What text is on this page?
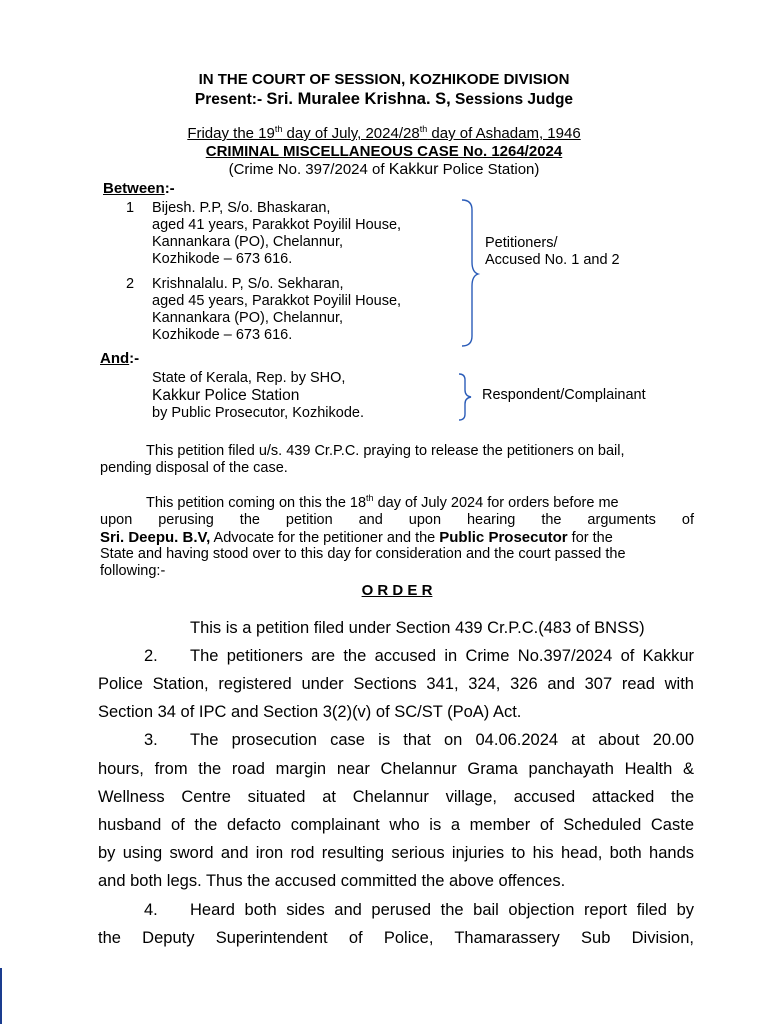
IN THE COURT OF SESSION, KOZHIKODE DIVISION
Present:- Sri. Muralee Krishna. S, Sessions Judge
Friday the 19th day of July, 2024/28th day of Ashadam, 1946
CRIMINAL MISCELLANEOUS CASE No. 1264/2024
(Crime No. 397/2024 of Kakkur Police Station)
Between:-
1 Bijesh. P.P, S/o. Bhaskaran,
aged 41 years, Parakkot Poyilil House,
Kannankara (PO), Chelannur,
Kozhikode – 673 616.
2 Krishnalalu. P, S/o. Sekharan,
aged 45 years, Parakkot Poyilil House,
Kannankara (PO), Chelannur,
Kozhikode – 673 616.
Petitioners/
Accused No. 1 and 2
And:-
State of Kerala, Rep. by SHO,
Kakkur Police Station
by Public Prosecutor, Kozhikode.
Respondent/Complainant
This petition filed u/s. 439 Cr.P.C. praying to release the petitioners on bail,
pending disposal of the case.
This petition coming on this the 18th day of July 2024 for orders before me
upon perusing the petition and upon hearing the arguments of
Sri. Deepu. B.V, Advocate for the petitioner and the Public Prosecutor for the
State and having stood over to this day for consideration and the court passed the
following:-
O R D E R
This is a petition filed under Section 439 Cr.P.C.(483 of BNSS)
2. The petitioners are the accused in Crime No.397/2024 of Kakkur
Police Station, registered under Sections 341, 324, 326 and 307 read with
Section 34 of IPC and Section 3(2)(v) of SC/ST (PoA) Act.
3. The prosecution case is that on 04.06.2024 at about 20.00
hours, from the road margin near Chelannur Grama panchayath Health &
Wellness Centre situated at Chelannur village, accused attacked the
husband of the defacto complainant who is a member of Scheduled Caste
by using sword and iron rod resulting serious injuries to his head, both hands
and both legs. Thus the accused committed the above offences.
4. Heard both sides and perused the bail objection report filed by
the Deputy Superintendent of Police, Thamarassery Sub Division,
